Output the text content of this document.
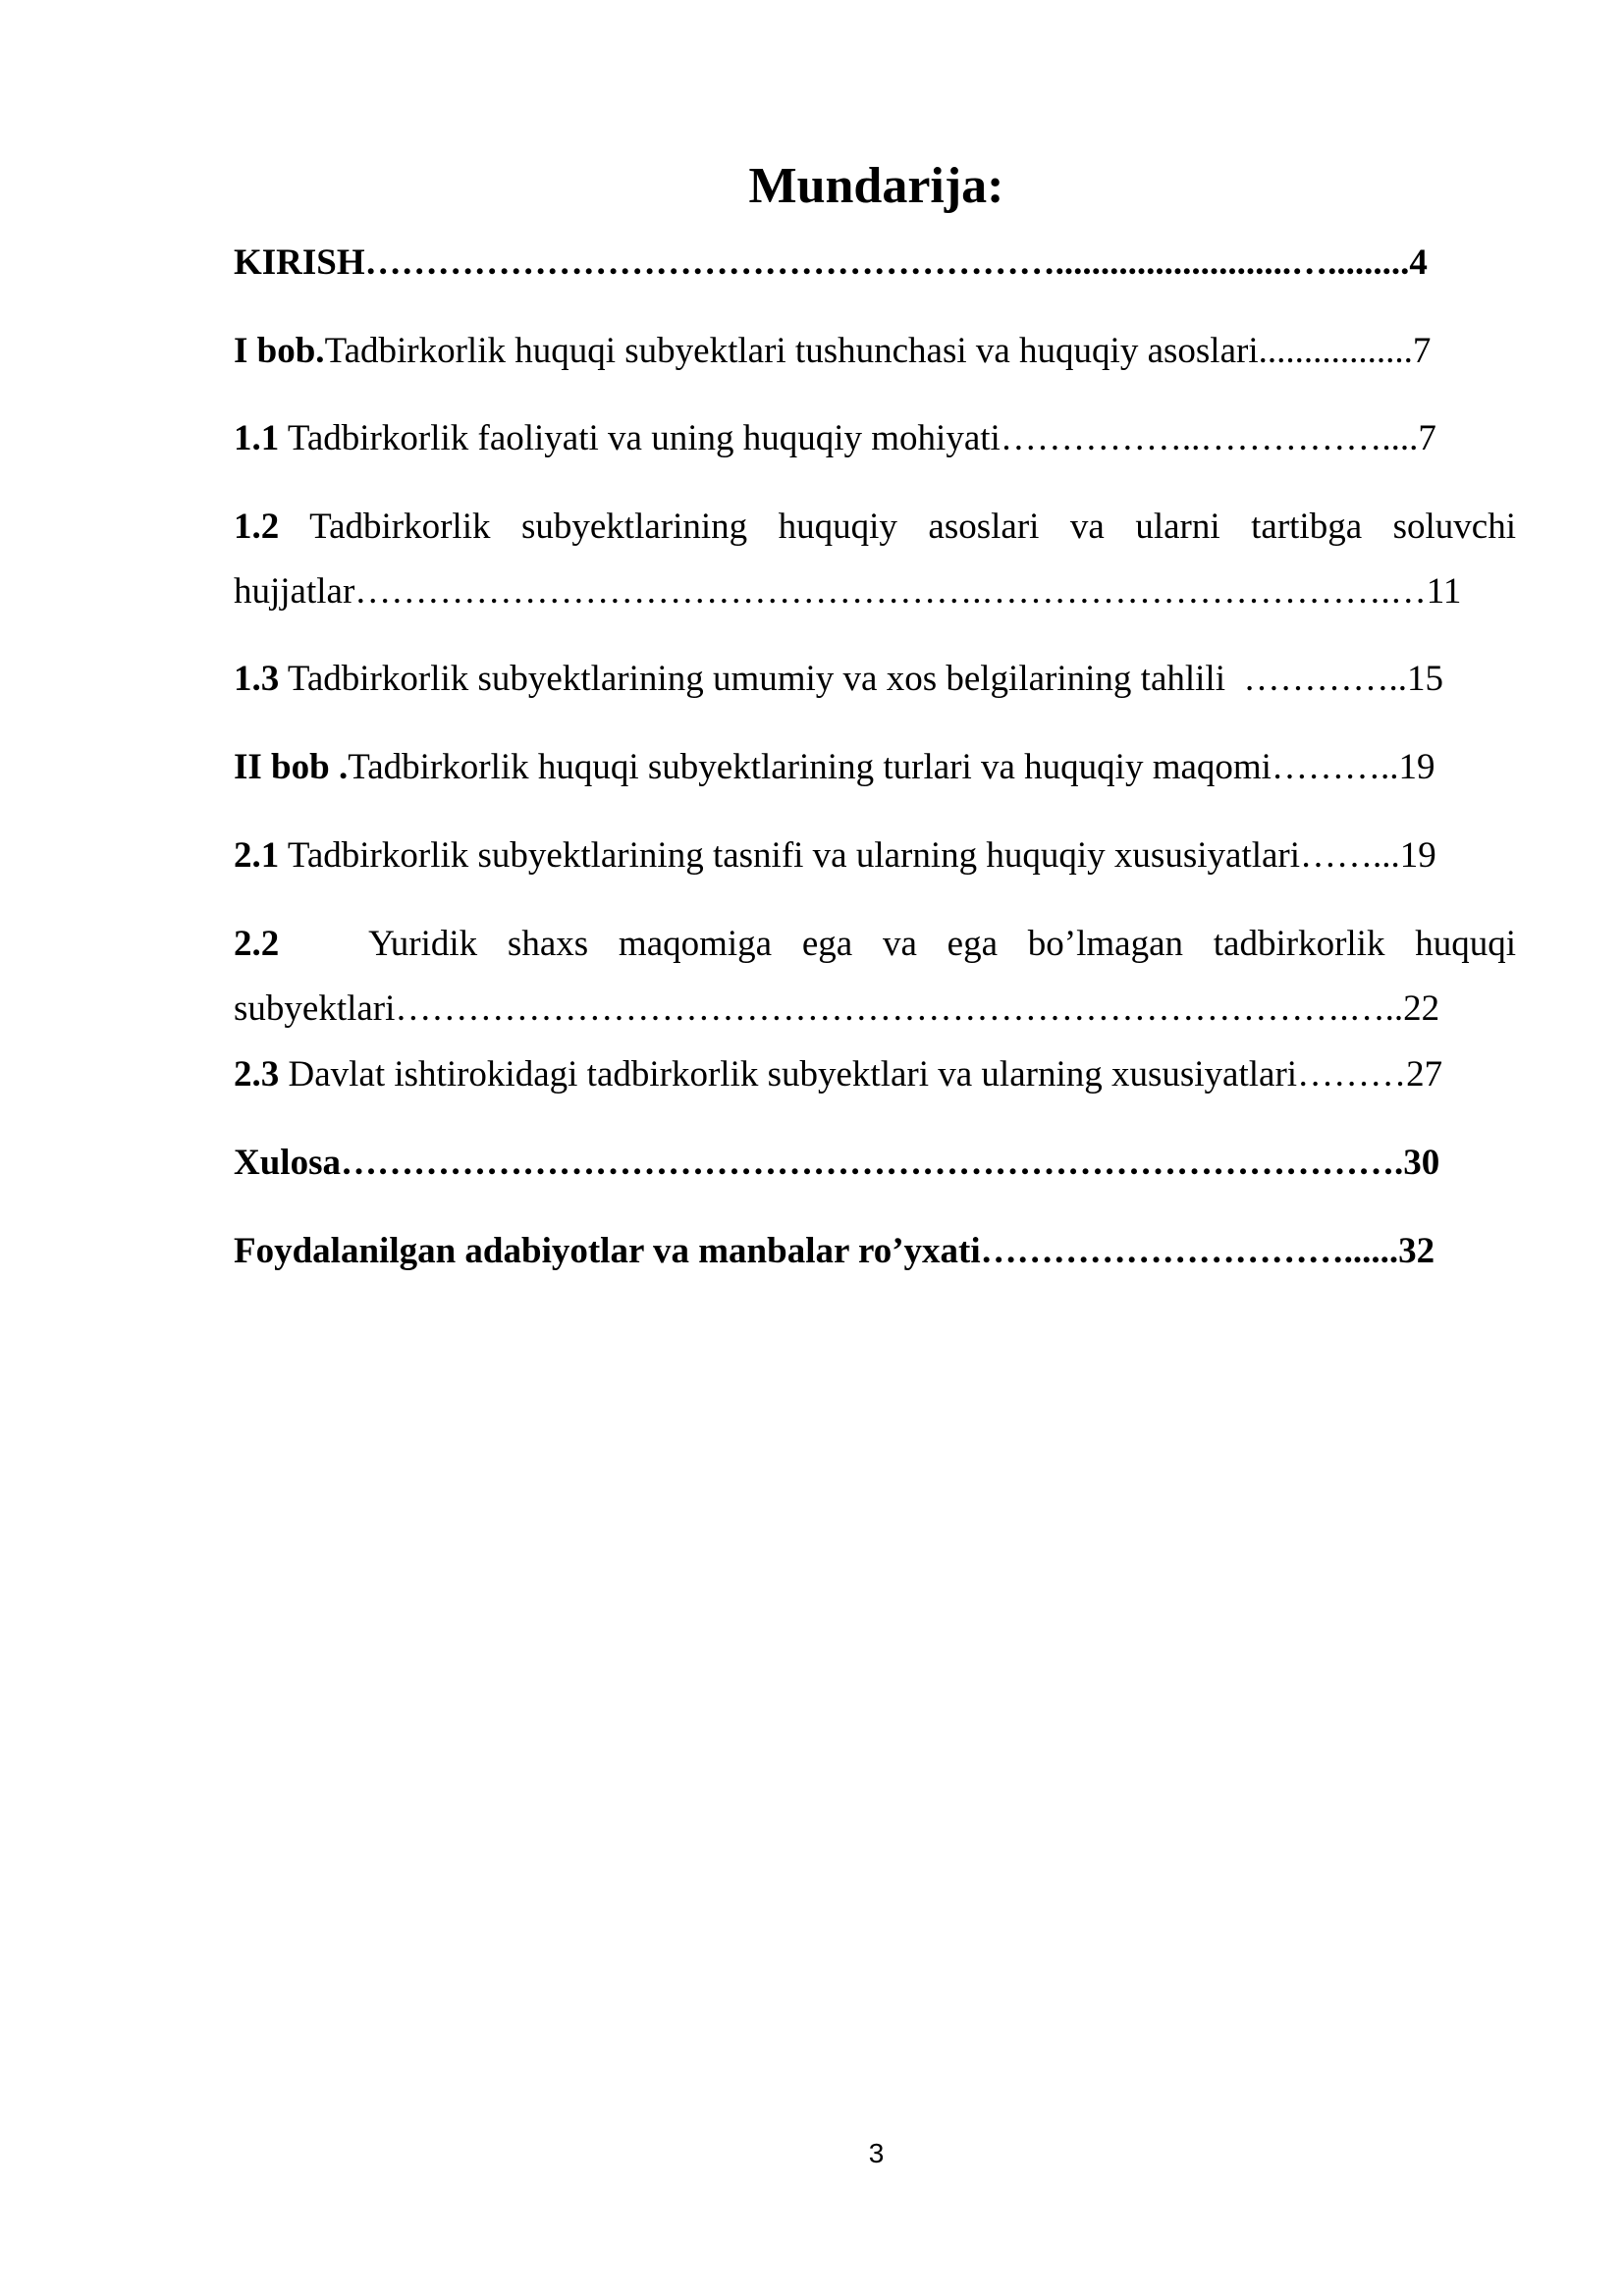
Mundarija:
KIRISH…………………………………………………..........................….........4
I bob.Tadbirkorlik huquqi subyektlari tushunchasi va huquqiy asoslari.................7
1.1 Tadbirkorlik faoliyati va uning huquqiy mohiyati……………..……………....7
1.2 Tadbirkorlik subyektlarining huquqiy asoslari va ularni tartibga soluvchi
hujjatlar…………………………………………….…………………………….…11
1.3 Tadbirkorlik subyektlarining umumiy va xos belgilarining tahlili  …………..15
II bob .Tadbirkorlik huquqi subyektlarining turlari va huquqiy maqomi………..19
2.1 Tadbirkorlik subyektlarining tasnifi va ularning huquqiy xususiyatlari……...19
2.2   Yuridik shaxs maqomiga ega va ega bo’lmagan tadbirkorlik huquqi
subyektlari…………………………………………………………………….…..22
2.3 Davlat ishtirokidagi tadbirkorlik subyektlari va ularning xususiyatlari………27
Xulosa…………………………………………………………………………….30
Foydalanilgan adabiyotlar va manbalar ro’yxati…………………………......32
3
